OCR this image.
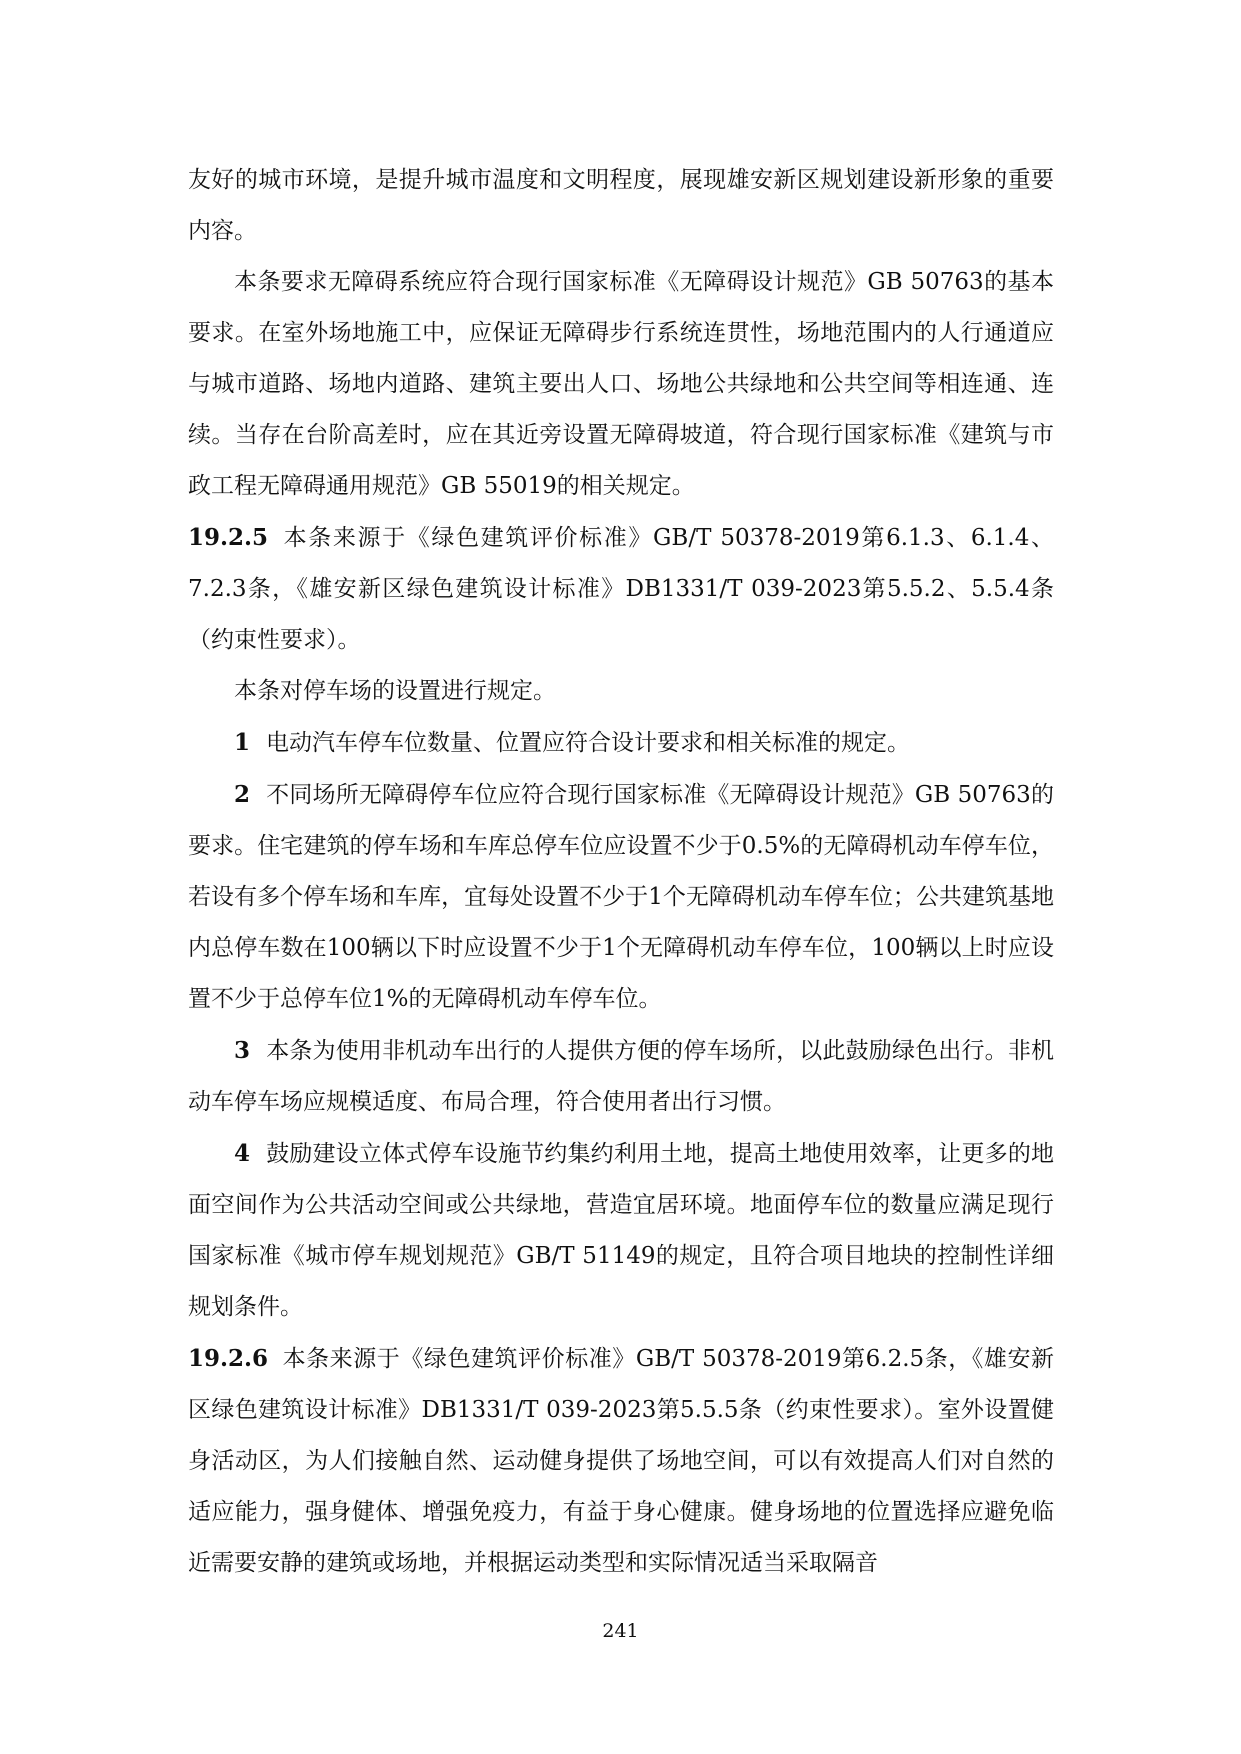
友好的城市环境，是提升城市温度和文明程度，展现雄安新区规划建设新形象的重要内容。

本条要求无障碍系统应符合现行国家标准《无障碍设计规范》GB 50763的基本要求。在室外场地施工中，应保证无障碍步行系统连贯性，场地范围内的人行通道应与城市道路、场地内道路、建筑主要出人口、场地公共绿地和公共空间等相连通、连续。当存在台阶高差时，应在其近旁设置无障碍坡道，符合现行国家标准《建筑与市政工程无障碍通用规范》GB 55019的相关规定。

19.2.5 本条来源于《绿色建筑评价标准》GB/T 50378-2019第6.1.3、6.1.4、7.2.3条，《雄安新区绿色建筑设计标准》DB1331/T 039-2023第5.5.2、5.5.4条（约束性要求）。

本条对停车场的设置进行规定。

1 电动汽车停车位数量、位置应符合设计要求和相关标准的规定。

2 不同场所无障碍停车位应符合现行国家标准《无障碍设计规范》GB 50763的要求。住宅建筑的停车场和车库总停车位应设置不少于0.5%的无障碍机动车停车位，若设有多个停车场和车库，宜每处设置不少于1个无障碍机动车停车位；公共建筑基地内总停车数在100辆以下时应设置不少于1个无障碍机动车停车位，100辆以上时应设置不少于总停车位1%的无障碍机动车停车位。

3 本条为使用非机动车出行的人提供方便的停车场所，以此鼓励绿色出行。非机动车停车场应规模适度、布局合理，符合使用者出行习惯。

4 鼓励建设立体式停车设施节约集约利用土地，提高土地使用效率，让更多的地面空间作为公共活动空间或公共绿地，营造宜居环境。地面停车位的数量应满足现行国家标准《城市停车规划规范》GB/T 51149的规定，且符合项目地块的控制性详细规划条件。

19.2.6 本条来源于《绿色建筑评价标准》GB/T 50378-2019第6.2.5条，《雄安新区绿色建筑设计标准》DB1331/T 039-2023第5.5.5条（约束性要求）。室外设置健身活动区，为人们接触自然、运动健身提供了场地空间，可以有效提高人们对自然的适应能力，强身健体、增强免疫力，有益于身心健康。健身场地的位置选择应避免临近需要安静的建筑或场地，并根据运动类型和实际情况适当采取隔音

241
